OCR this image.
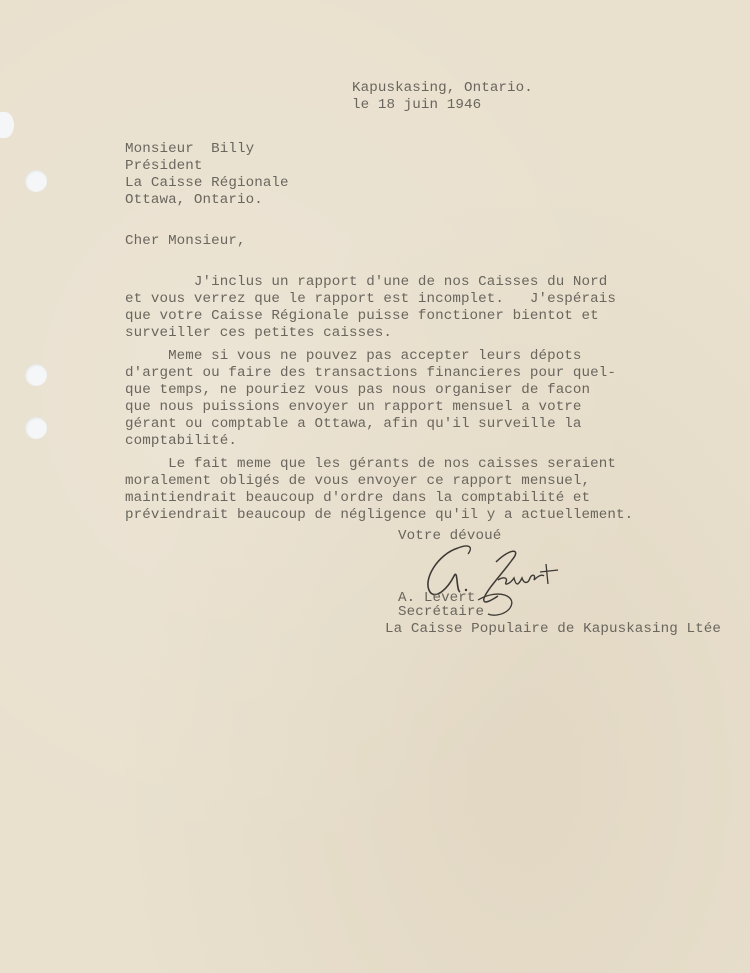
Kapuskasing, Ontario.
le 18 juin 1946
Monsieur  Billy
Président
La Caisse Régionale
Ottawa, Ontario.
Cher Monsieur,
J'inclus un rapport d'une de nos Caisses du Nord
et vous verrez que le rapport est incomplet.   J'espérais
que votre Caisse Régionale puisse fonctioner bientot et
surveiller ces petites caisses.
Meme si vous ne pouvez pas accepter leurs dépots
d'argent ou faire des transactions financieres pour quel-
que temps, ne pouriez vous pas nous organiser de facon
que nous puissions envoyer un rapport mensuel a votre
gérant ou comptable a Ottawa, afin qu'il surveille la
comptabilité.
Le fait meme que les gérants de nos caisses seraient
moralement obligés de vous envoyer ce rapport mensuel,
maintiendrait beaucoup d'ordre dans la comptabilité et
préviendrait beaucoup de négligence qu'il y a actuellement.
Votre dévoué
A. Levert
Secrétaire
La Caisse Populaire de Kapuskasing Ltée
